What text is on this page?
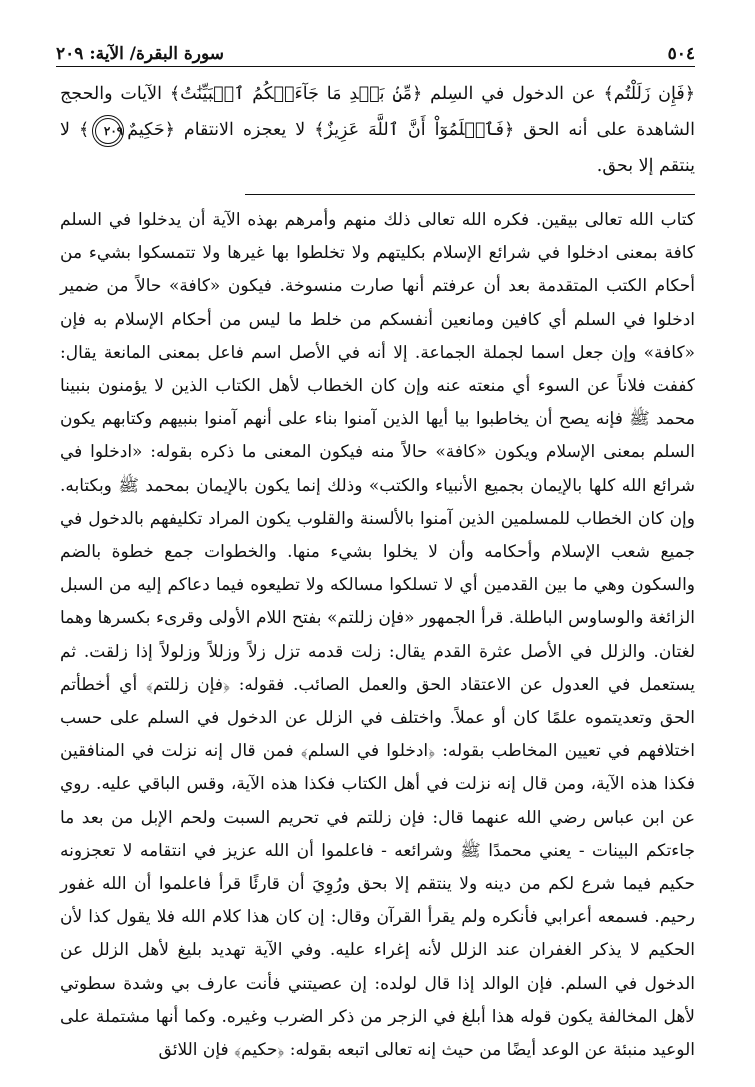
٥٠٤
سورة البقرة/ الآية: ٢٠٩
﴿فَإِن زَلَلْتُم﴾ عن الدخول في السِلم ﴿مِّنۢ بَعۡدِ مَا جَآءَتۡكُمُ ٱلۡبَيِّنَٰتُ﴾ الآيات والحجج الشاهدة على أنه الحق ﴿فَٱعۡلَمُوٓاْ أَنَّ ٱللَّهَ عَزِيزٌ﴾ لا يعجزه الانتقام ﴿حَكِيمٌ٢٠٩﴾ لا ينتقم إلا بحق.
كتاب الله تعالى بيقين. فكره الله تعالى ذلك منهم وأمرهم بهذه الآية أن يدخلوا في السلم كافة بمعنى ادخلوا في شرائع الإسلام بكليتهم ولا تخلطوا بها غيرها ولا تتمسكوا بشيء من أحكام الكتب المتقدمة بعد أن عرفتم أنها صارت منسوخة. فيكون «كافة» حالاً من ضمير ادخلوا في السلم أي كافين ومانعين أنفسكم من خلط ما ليس من أحكام الإسلام به فإن «كافة» وإن جعل اسما لجملة الجماعة. إلا أنه في الأصل اسم فاعل بمعنى المانعة يقال: كففت فلاناً عن السوء أي منعته عنه وإن كان الخطاب لأهل الكتاب الذين لا يؤمنون بنبينا محمد ﷺ فإنه يصح أن يخاطبوا بيا أيها الذين آمنوا بناء على أنهم آمنوا بنبيهم وكتابهم يكون السلم بمعنى الإسلام ويكون «كافة» حالاً منه فيكون المعنى ما ذكره بقوله: «ادخلوا في شرائع الله كلها بالإيمان بجميع الأنبياء والكتب» وذلك إنما يكون بالإيمان بمحمد ﷺ وبكتابه. وإن كان الخطاب للمسلمين الذين آمنوا بالألسنة والقلوب يكون المراد تكليفهم بالدخول في جميع شعب الإسلام وأحكامه وأن لا يخلوا بشيء منها. والخطوات جمع خطوة بالضم والسكون وهي ما بين القدمين أي لا تسلكوا مسالكه ولا تطيعوه فيما دعاكم إليه من السبل الزائغة والوساوس الباطلة. قرأ الجمهور «فإن زللتم» بفتح اللام الأولى وقرىء بكسرها وهما لغتان. والزلل في الأصل عثرة القدم يقال: زلت قدمه تزل زلاً وزللاً وزلولاً إذا زلقت. ثم يستعمل في العدول عن الاعتقاد الحق والعمل الصائب. فقوله: ﴿فإن زللتم﴾ أي أخطأتم الحق وتعديتموه علمًا كان أو عملاً. واختلف في الزلل عن الدخول في السلم على حسب اختلافهم في تعيين المخاطب بقوله: ﴿ادخلوا في السلم﴾ فمن قال إنه نزلت في المنافقين فكذا هذه الآية، ومن قال إنه نزلت في أهل الكتاب فكذا هذه الآية، وقس الباقي عليه. روي عن ابن عباس رضي الله عنهما قال: فإن زللتم في تحريم السبت ولحم الإبل من بعد ما جاءتكم البينات - يعني محمدًا ﷺ وشرائعه - فاعلموا أن الله عزيز في انتقامه لا تعجزونه حكيم فيما شرع لكم من دينه ولا ينتقم إلا بحق ورُوِيَ أن قارئًا قرأ فاعلموا أن الله غفور رحيم. فسمعه أعرابي فأنكره ولم يقرأ القرآن وقال: إن كان هذا كلام الله فلا يقول كذا لأن الحكيم لا يذكر الغفران عند الزلل لأنه إغراء عليه. وفي الآية تهديد بليغ لأهل الزلل عن الدخول في السلم. فإن الوالد إذا قال لولده: إن عصيتني فأنت عارف بي وشدة سطوتي لأهل المخالفة يكون قوله هذا أبلغ في الزجر من ذكر الضرب وغيره. وكما أنها مشتملة على الوعيد منبئة عن الوعد أيضًا من حيث إنه تعالى اتبعه بقوله: ﴿حكيم﴾ فإن اللائق
